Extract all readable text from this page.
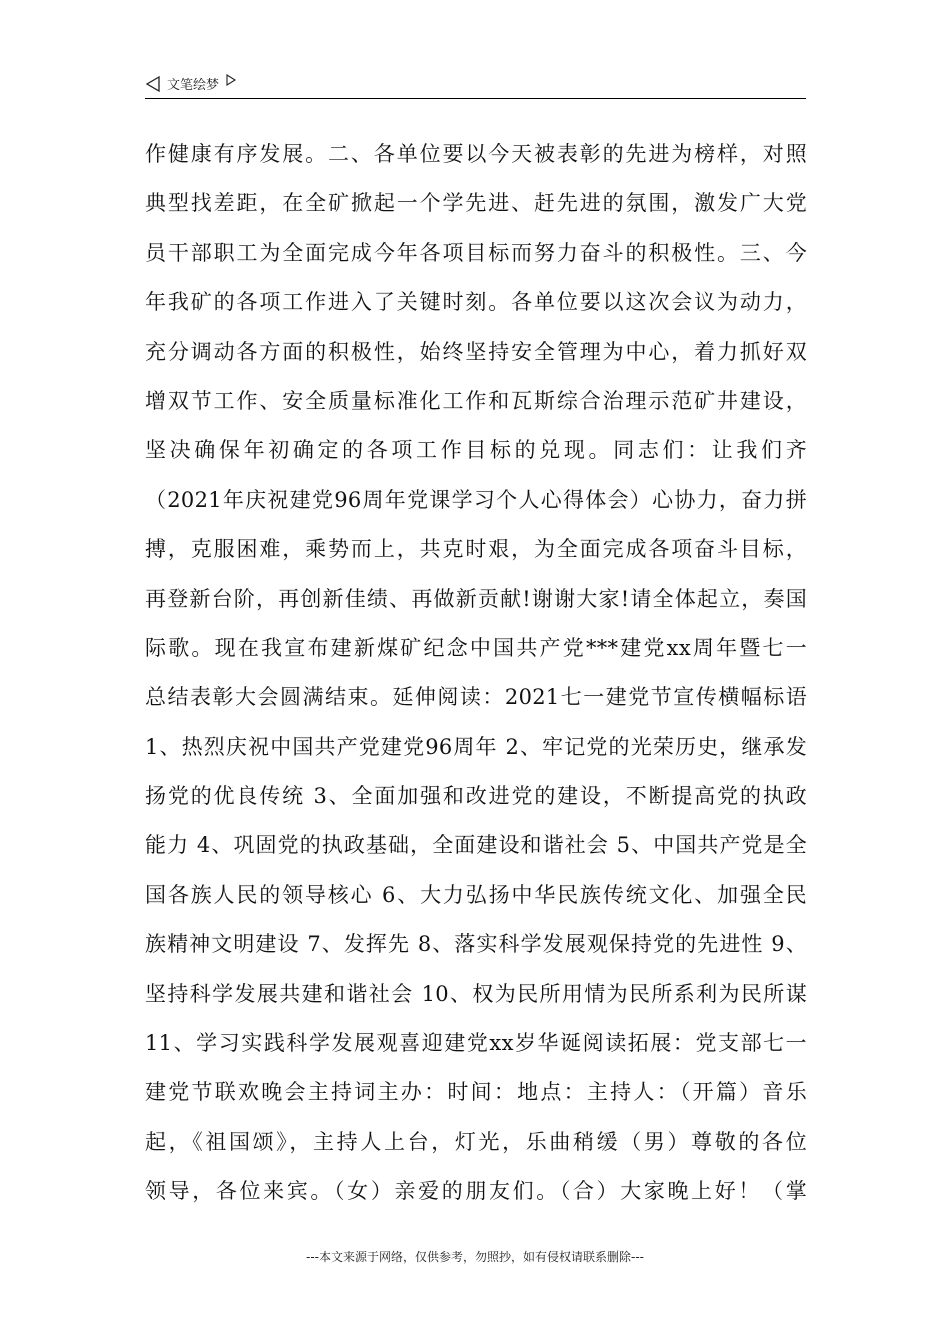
文笔绘梦
作健康有序发展。二、各单位要以今天被表彰的先进为榜样，对照
典型找差距，在全矿掀起一个学先进、赶先进的氛围，激发广大党
员干部职工为全面完成今年各项目标而努力奋斗的积极性。三、今
年我矿的各项工作进入了关键时刻。各单位要以这次会议为动力，
充分调动各方面的积极性，始终坚持安全管理为中心，着力抓好双
增双节工作、安全质量标准化工作和瓦斯综合治理示范矿井建设，
坚决确保年初确定的各项工作目标的兑现。同志们：让我们齐
（2021年庆祝建党96周年党课学习个人心得体会）心协力，奋力拼
搏，克服困难，乘势而上，共克时艰，为全面完成各项奋斗目标，
再登新台阶，再创新佳绩、再做新贡献!谢谢大家!请全体起立，奏国
际歌。现在我宣布建新煤矿纪念中国共产党***建党xx周年暨七一
总结表彰大会圆满结束。延伸阅读：2021七一建党节宣传横幅标语
1、热烈庆祝中国共产党建党96周年 2、牢记党的光荣历史，继承发
扬党的优良传统 3、全面加强和改进党的建设，不断提高党的执政
能力 4、巩固党的执政基础，全面建设和谐社会 5、中国共产党是全
国各族人民的领导核心 6、大力弘扬中华民族传统文化、加强全民
族精神文明建设 7、发挥先 8、落实科学发展观保持党的先进性 9、
坚持科学发展共建和谐社会 10、权为民所用情为民所系利为民所谋
11、学习实践科学发展观喜迎建党xx岁华诞阅读拓展：党支部七一
建党节联欢晚会主持词主办：时间：地点：主持人：（开篇）音乐
起，《祖国颂》，主持人上台，灯光，乐曲稍缓（男）尊敬的各位
领导，各位来宾。（女）亲爱的朋友们。（合）大家晚上好！（掌
---本文来源于网络，仅供参考，勿照抄，如有侵权请联系删除---
